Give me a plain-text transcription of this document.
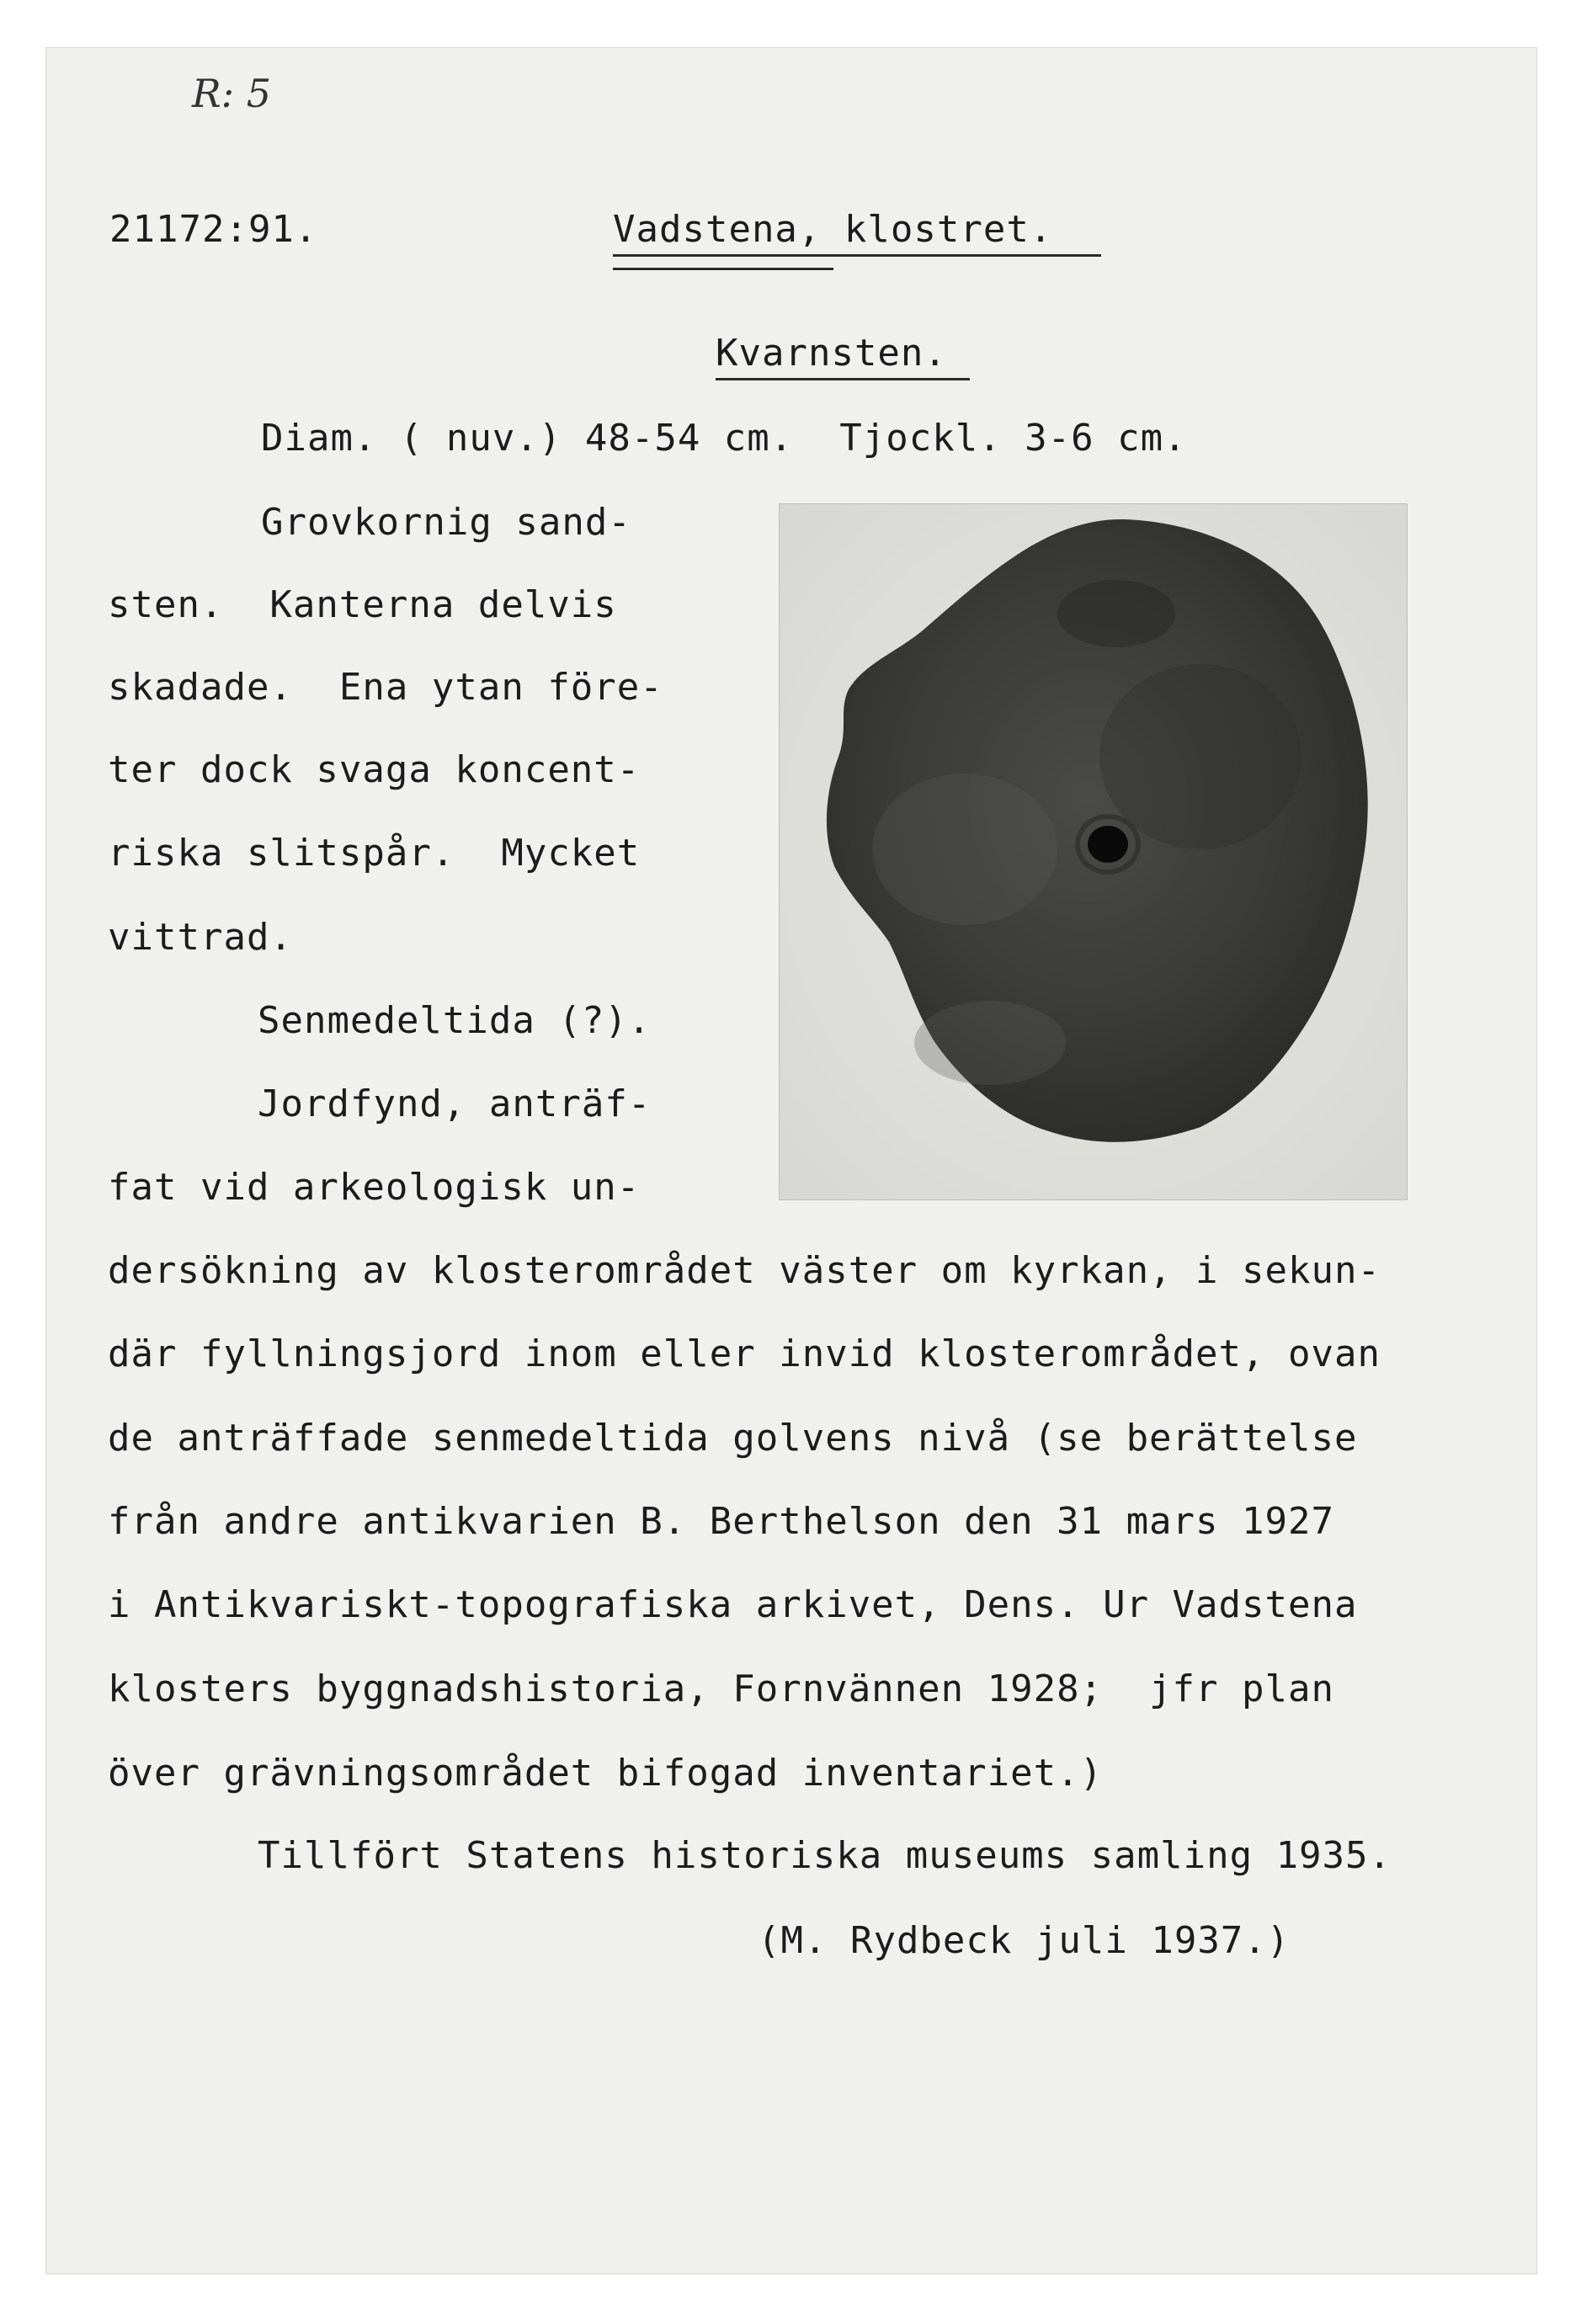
R: 5
21172:91.	Vadstena, klostret.
Kvarnsten.
Diam. ( nuv.) 48-54 cm.  Tjockl. 3-6 cm.
Grovkornig sand-
sten.  Kanterna delvis
skadade.  Ena ytan före-
ter dock svaga koncent-
riska slitspår.  Mycket
vittrad.
Senmedeltida (?).
Jordfynd, anträf-
fat vid arkeologisk un-
dersökning av klosterområdet väster om kyrkan, i sekun-
där fyllningsjord inom eller invid klosterområdet, ovan
de anträffade senmedeltida golvens nivå (se berättelse
från andre antikvarien B. Berthelson den 31 mars 1927
i Antikvariskt-topografiska arkivet, Dens. Ur Vadstena
klosters byggnadshistoria, Fornvännen 1928;  jfr plan
över grävningsområdet bifogad inventariet.)
Tillfört Statens historiska museums samling 1935.
(M. Rydbeck juli 1937.)
